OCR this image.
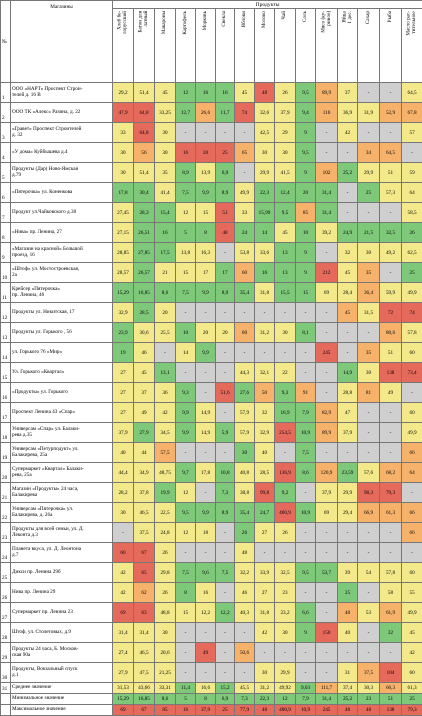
№	Магазины	Продукты														

		Хлеб бе-
лорусский	Батон для
латный	Макароны	Картофель	Морковь	Свекла	Яблоки	Молоко	Чай	Соль	Мясо (ку-
риное)	Яйца
1 дес.	Сахар	Рыба	Масло рас-
тительное

1	ООО «НАРТ» Проспект Строи-
телей д. 16 В	29,2	51,4	45	12	16	16	45	48	26	9,5	89,9	37	-	-	64,5
2	ООО ТК «Алекс» Разина, д. 22	47,9	64,8	33,25	12,7	26,6	11,7	74	32,6	37,9	9,4	110	36,9	31,9	52,9	67,8
3	«Гравет» Проспект Строителей
д. 32	33	64,8	30	-	-	-	-	42,5	29	9	-	42	-	-	57
4	«У дома» Куйбышева д.4	30	56	30	16	20	25	65	30	30	9,5	-	-	34	64,5	-
5	Продукты (Дар) Ново-Ямская
д.79	30	51,4	35	8,9	13,9	6,9	-	29,9	41,5	9	102	25,2	29,9	51	59
6	«Пятерочка» ул. Коненкова	17,8	30,4	41,4	7,5	9,9	8,9	49,9	22,3	12,4	20	31,4	-	25	57,3	64
7	Продукт ул.Чайковского д.30	27,45	28,3	15,4	12	15	51	33	15,99	9,5	85	31,4	-	-	-	58,5
8	«Нива» пр. Ленина, 27	27,15	26,51	16	5	8	48	24	14	45	10	39,2	24,9	21,5	32,5	26
9	«Магазин на красной» Большой
проезд, 16	28,85	27,85	17,5	13,8	16,3	-	53,8	33,6	13	9	-	32	30	49,2	62,5
10	«Штоф» ул. Мостостроевская,
2а	28,57	26,57	21	15	17	17	60	16	13	9	212	45	35	-	25
11	Крейсер «Пятерочка»
пр. Ленина, 46	15,29	16,85	8,6	7,5	9,9	8,9	35,4	31,8	15,5	15	69	28,4	36,4	59,9	49,9
12	Продукты ул. Никитская, 17	32,9	28,5	20	-	-	-	-	-	-	-	-	45	31,5	72	74
13	Продукты ул. Горького , 56	23,9	30,6	25,5	10	20	20	60	31,2	30	8,1	-	-	-	80,6	57,8
14	ул. Горького 76 «Мир»	19	46	-	14	9,9	-	-	-	-	-	245	-	35	51	60
15	Ул. Горького «Квартал»	27	45	13,1	-	-	-	44,3	32,1	22	-	-	14,9	30	138	73,4
16	«Продукты» ул. Горького	27	37	36	9,3	-	51,6	27,6	50	9,3	91	-	28,8	81	49	-
17	Проспект Ленина 43 «Спар»	27	49	42	9,9	14,9	-	57,9	32	16,9	7,9	82,9	47	-	-	60
18	Универсам «Спар» ул. Балаки-
рева д.35	37,9	27,9	34,5	9,9	14,9	5,9	57,9	32,9	254,5	10,9	89,9	37,9	-	-	49,9
19	Универсам «Петурподукт» ул.
Балакирева, 25а	40	44	57,5	-	-	-	30	40	-	7,5	-	-	-	-	66
20	Супермаркет «Квартал» Балаки-
рева, 25а	44,4	34,9	48,75	9,7	17,8	10,8	40,8	28,5	136,9	8,6	120,9	23,59	57,6	68,2	64
21	Магазин «Продукты» 24 часа,
Балакирева	28,2	37,8	19,9	12	-	7,3	38,8	99,8	9,2	-	37,9	29,9	98,3	79,3	-
22	Универсам «Пятерочка» ул.
Балакирева, д. 26а	30	46,5	22,5	9,5	9,9	8,9	35,4	24,7	400,9	10,9	69	29,4	66,9	61,3	66
23	Продукты для всей семьи, ул. Д.
Леконта д.3	-	37,5	24,8	12	18	-	26	27	26	-	-	-	-	-	66
24	Планета вкуса, ул. Д. Леонтона
д.7	60	67	26	-	-	-	48	-	-	-	-	-	-	-	-
25	Дикси пр. Ленина 29б	42	65	29,8	7,5	9,6	7,5	32,2	33,9	32,5	9,5	53,7	39	54	57,8	60
26	Нива пр. Ленина 29	42	62	26	8	16	-	46	27	23	-	-	25	-	58	55
27	Супермаркет пр. Ленина 23	69	63	48,8	15	12,2	12,2	40,3	31,8	23,2	6,6	-	48	53	61,9	49,9
28	Штоф, ул. Столетовых, д.9	31,4	31,4	30	-	-	-	-	42	30	9	150	40	-	32	45
29	Продукты 24 часа, Б. Москов-
ская 90а	27,4	46,5	20,6	-	49	-	50,6	-	-	-	-	-	-	-	42
30	Продукты, Вокзальный спуск
д.1	27,9	47,5	21,25	-	-	-	-	30	29,9	-	-	31	37,5	104	60
31	Среднее значение	31,53	43,66	33,31	11,4	16,6	15,2	45,5	31,2	49,92	9,03	111,7	37,4	30,3	66,3	61,3
	Минимальное значение	15,29	16,85	8,6	5	8	6,9	7,3	22,3	12	7,9	31,4	25,2	23	51	25
	Максимальное значение	69	67	85	16	37,9	25	77,9	48	400,9	10,9	245	48	48	138	79,3
